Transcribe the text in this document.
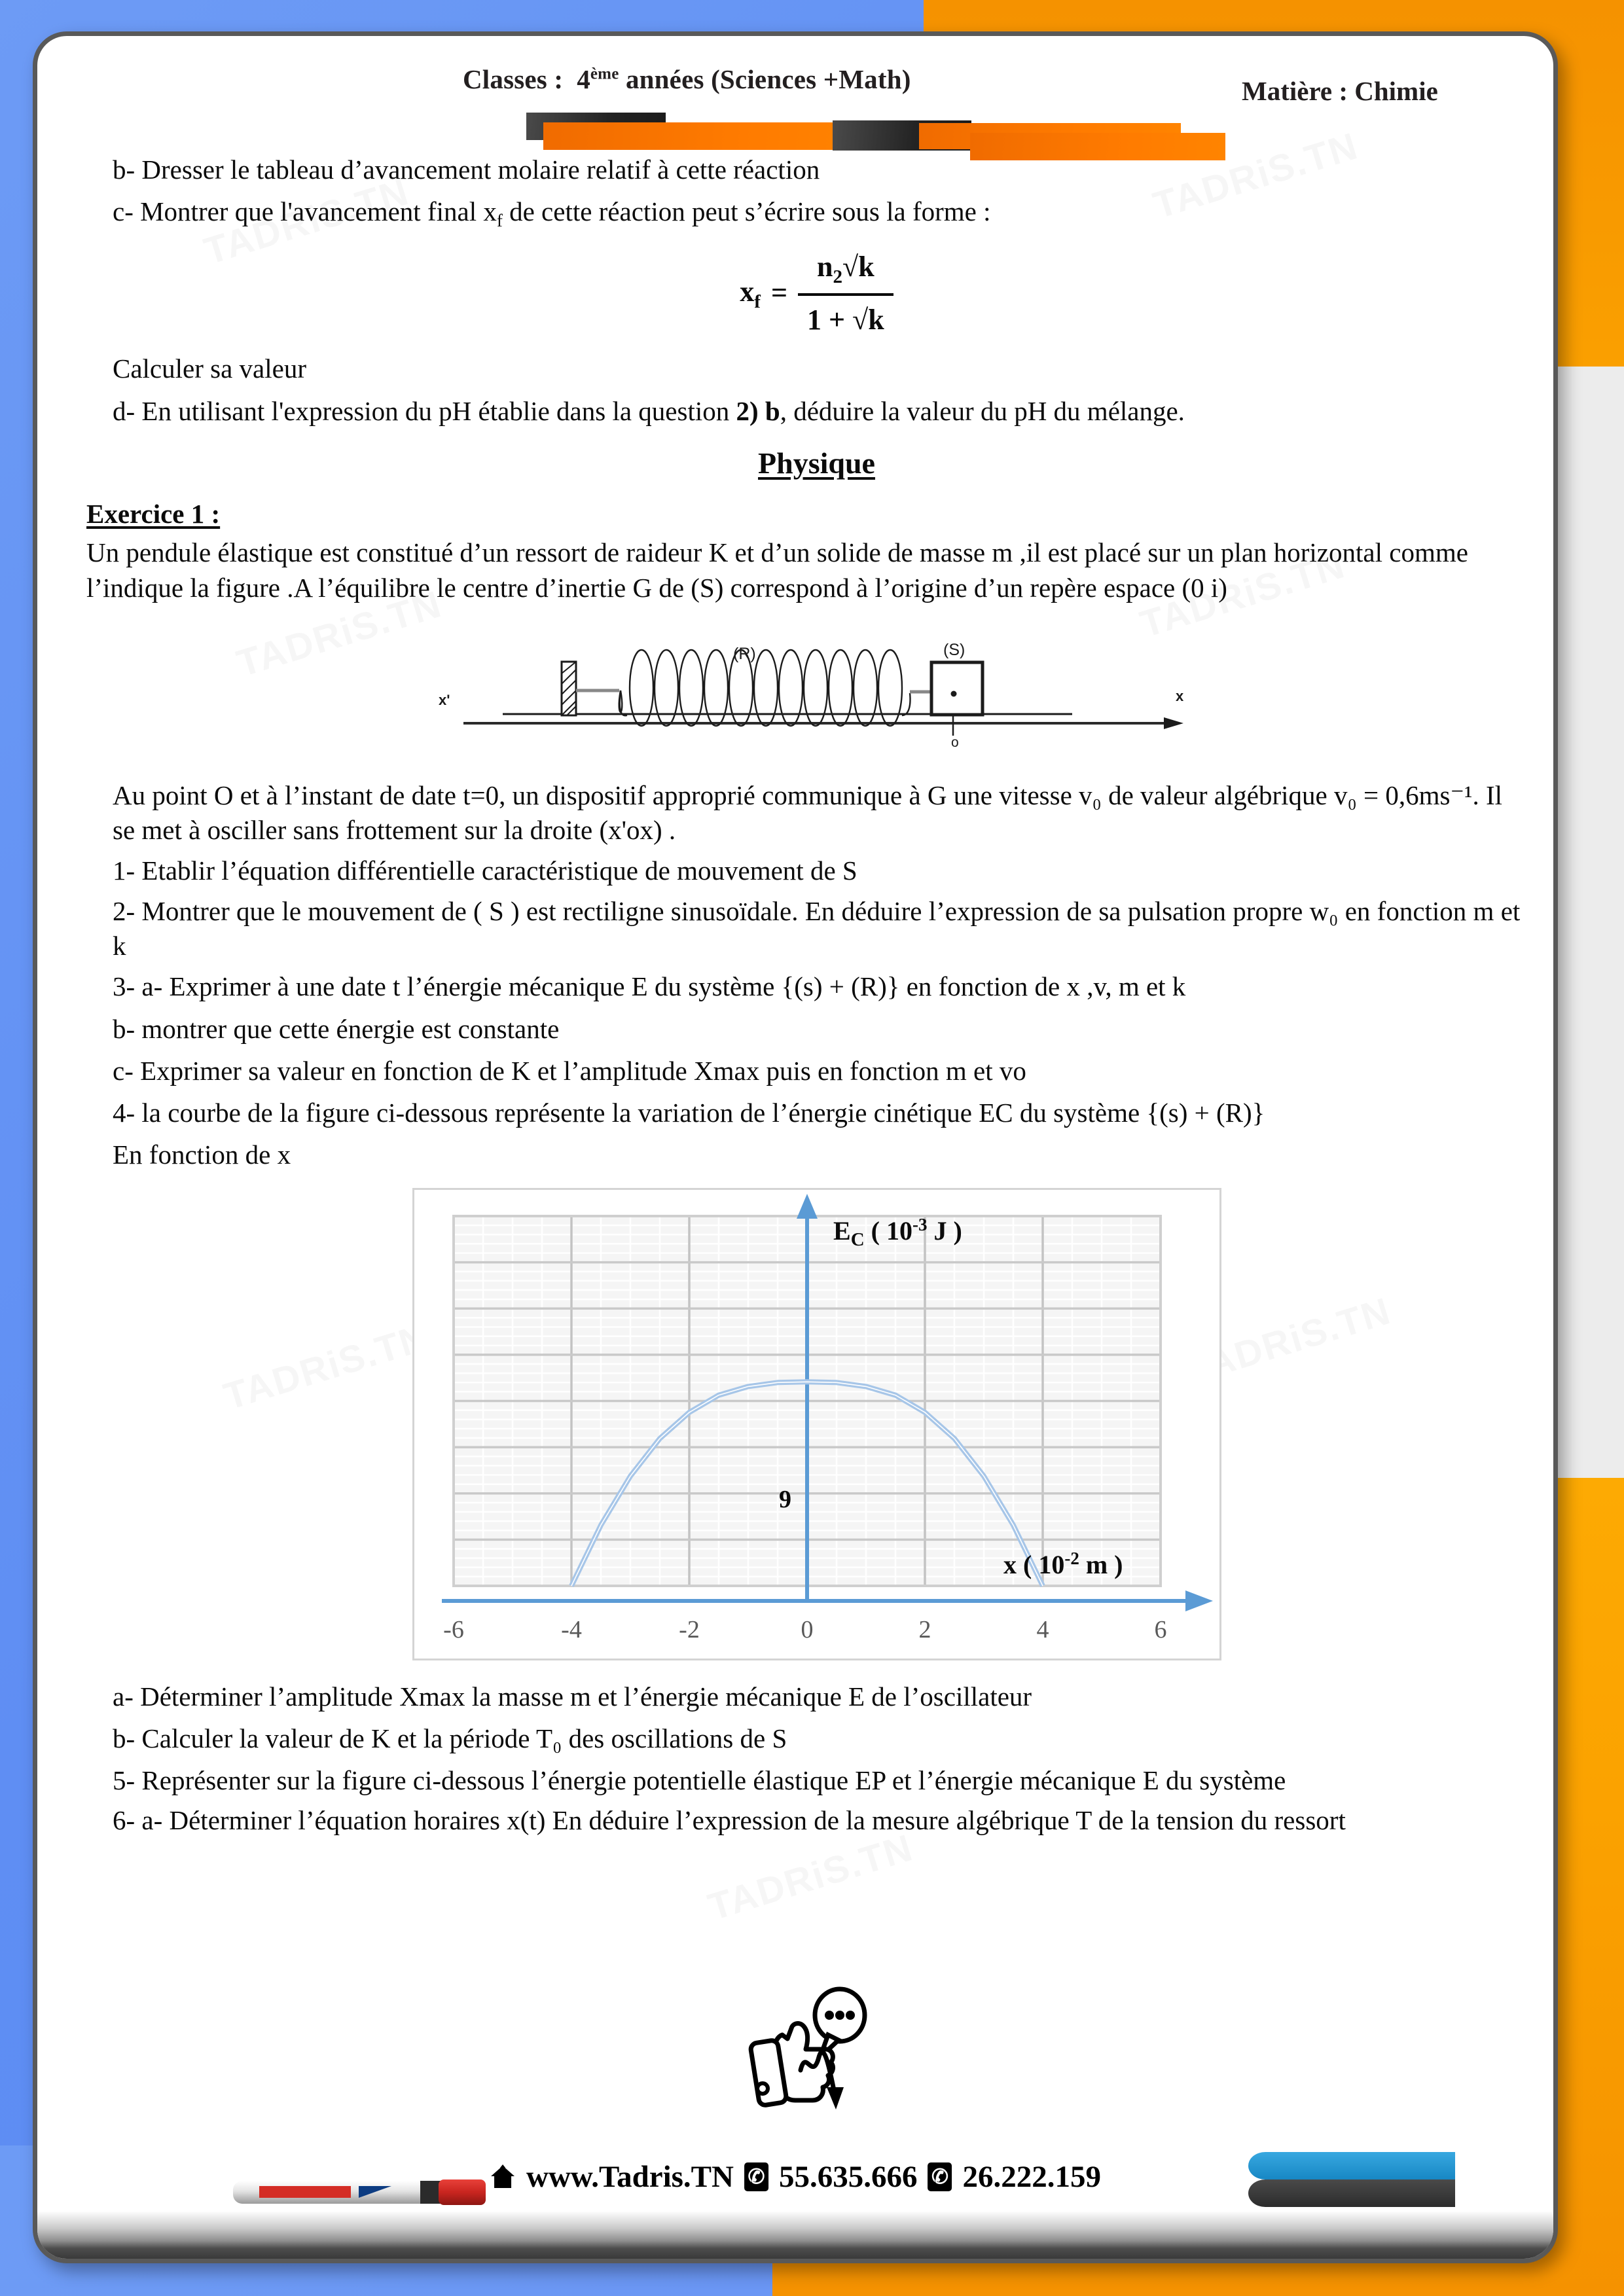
Classes : 4ème années (Sciences +Math)	Matière : Chimie

b- Dresser le tableau d’avancement molaire relatif à cette réaction

c- Montrer que l'avancement final $x_f$ de cette réaction peut s’écrire sous la forme :

$x_f = \frac{n_2√k}{1 + √k}$

Calculer sa valeur

d- En utilisant l'expression du pH établie dans la question 2) b, déduire la valeur du pH du mélange.

Physique
Exercice 1 :

Un pendule élastique est constitué d’un ressort de raideur K et d’un solide de masse m ,il est placé sur un plan horizontal comme l’indique la figure .A l’équilibre le centre d’inertie G de (S) correspond à l’origine d’un repère espace (0 i)

x'	x
(R)	(S)
o

Au point O et à l’instant de date t=0, un dispositif approprié communique à G une vitesse v₀ de valeur algébrique v₀ = 0,6ms⁻¹. Il se met à osciller sans frottement sur la droite (x'ox) .

1- Etablir l’équation différentielle caractéristique de mouvement de S

2- Montrer que le mouvement de ( S ) est rectiligne sinusoïdale. En déduire l’expression de sa pulsation propre w₀ en fonction m et k

3- a- Exprimer à une date t l’énergie mécanique E du système {(s) + (R)} en fonction de x ,v, m et k

b- montrer que cette énergie est constante

c- Exprimer sa valeur en fonction de K et l’amplitude Xmax puis en fonction m et vo

4- la courbe de la figure ci-dessous représente la variation de l’énergie cinétique EC du système {(s) + (R)}

En fonction de x

-6	-4	-2	0	2	4	6
9
$E_C$ ( $10^{-3}$ J )
x ( $10^{-2}$ m )

a- Déterminer l’amplitude Xmax la masse m et l’énergie mécanique E de l’oscillateur

b- Calculer la valeur de K et la période T₀ des oscillations de S

5- Représenter sur la figure ci-dessous l’énergie potentielle élastique EP et l’énergie mécanique E du système

6- a- Déterminer l’équation horaires x(t) En déduire l’expression de la mesure algébrique T de la tension du ressort

www.Tadris.TN ✆ 55.635.666 ✆ 26.222.159
